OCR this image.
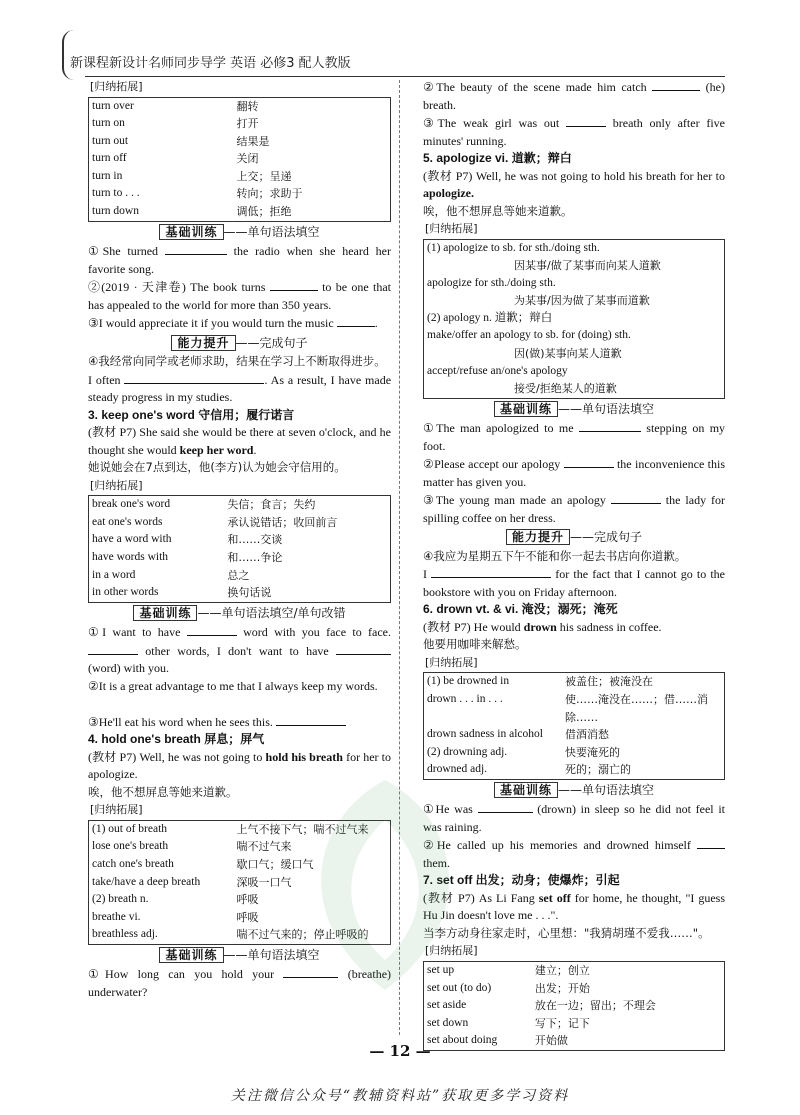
新课程新设计名师同步导学 英语 必修3 配人教版
[ 归纳拓展 ]
turn over	翻转
turn on	打开
turn out	结果是
turn off	关闭
turn in	上交；呈递
turn to . . .	转向；求助于
turn down	调低；拒绝
基础训练 ——单句语法填空

①She turned	the radio when she heard her favorite song.

②(2019 · 天津卷) The book turns	to be one that has appealed to the world for more than 350 years.

③I would appreciate it if you would turn the music	.

能力提升 ——完成句子

④我经常向同学或老师求助，结果在学习上不断取得进步。

I often	. As a result, I have made steady progress in my studies.

3. keep one's word 守信用；履行诺言

(教材 P7) She said she would be there at seven o'clock, and he thought she would keep her word.

她说她会在7点到达，他(李方)认为她会守信用的。

[ 归纳拓展 ]
break one's word	失信；食言；失约
eat one's words	承认说错话；收回前言
have a word with	和……交谈
have words with	和……争论
in a word	总之
in other words	换句话说
基础训练 ——单句语法填空/单句改错

①I want to have	word with you face to face.  other words, I don't want to have  (word) with you.

②It is a great advantage to me that I always keep my words.

③He'll eat his word when he sees this.

4. hold one's breath 屏息；屏气

(教材 P7) Well, he was not going to hold his breath for her to apologize.

唉，他不想屏息等她来道歉。

[ 归纳拓展 ]
(1) out of breath	上气不接下气；喘不过气来
lose one's breath	喘不过气来
catch one's breath	歇口气；缓口气
take/have a deep breath	深吸一口气
(2) breath n.	呼吸
breathe vi.	呼吸
breathless adj.	喘不过气来的；停止呼吸的
基础训练 ——单句语法填空

①How long can you hold your	(breathe) underwater?

②The beauty of the scene made him catch	(he) breath.

③The weak girl was out	breath only after five minutes' running.

5. apologize vi. 道歉；辩白

(教材 P7) Well, he was not going to hold his breath for her to apologize.

唉，他不想屏息等她来道歉。

[ 归纳拓展 ]
(1) apologize to sb. for sth./doing sth.
因某事/做了某事而向某人道歉
apologize for sth./doing sth.
为某事/因为做了某事而道歉
(2) apology n. 道歉；辩白
make/offer an apology to sb. for (doing) sth.
因(做)某事向某人道歉
accept/refuse an/one's apology
接受/拒绝某人的道歉
基础训练 ——单句语法填空

①The man apologized to me	stepping on my foot.

②Please accept our apology	the inconvenience this matter has given you.

③The young man made an apology	the lady for spilling coffee on her dress.

能力提升 ——完成句子

④我应为星期五下午不能和你一起去书店向你道歉。

I	for the fact that I cannot go to the bookstore with you on Friday afternoon.

6. drown vt. & vi. 淹没；溺死；淹死

(教材 P7) He would drown his sadness in coffee.

他要用咖啡来解愁。

[ 归纳拓展 ]
(1) be drowned in	被盖住；被淹没在
drown . . . in . . .	使……淹没在……；借……消除……
drown sadness in alcohol	借酒消愁
(2) drowning adj.	快要淹死的
drowned adj.	死的；溺亡的
基础训练 ——单句语法填空

①He was	(drown) in sleep so he did not feel it was raining.

②He called up his memories and drowned himself  them.

7. set off 出发；动身；使爆炸；引起

(教材 P7) As Li Fang set off for home, he thought, "I guess Hu Jin doesn't love me . . .".

当李方动身往家走时，心里想："我猜胡瑾不爱我……"。

[ 归纳拓展 ]
set up	建立；创立
set out (to do)	出发；开始
set aside	放在一边；留出；不理会
set down	写下；记下
set about doing	开始做
— 12 —
关注微信公众号“教辅资料站”获取更多学习资料
